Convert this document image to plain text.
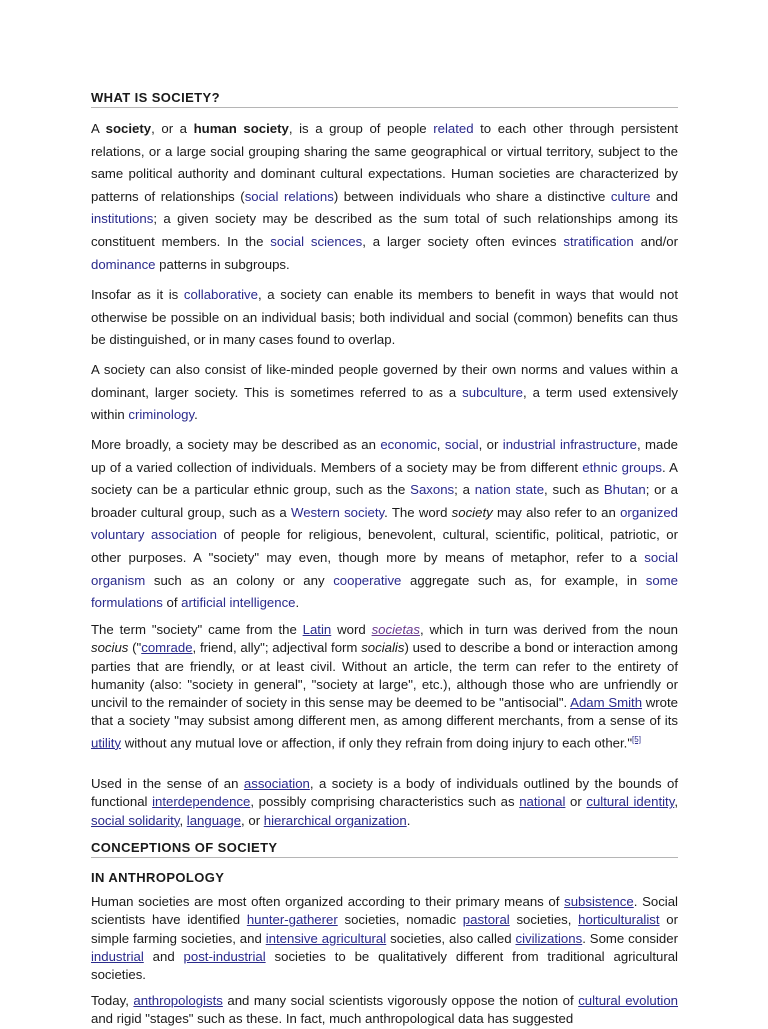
WHAT IS SOCIETY?

A society, or a human society, is a group of people related to each other through persistent relations, or a large social grouping sharing the same geographical or virtual territory, subject to the same political authority and dominant cultural expectations. Human societies are characterized by patterns of relationships (social relations) between individuals who share a distinctive culture and institutions; a given society may be described as the sum total of such relationships among its constituent members. In the social sciences, a larger society often evinces stratification and/or dominance patterns in subgroups.

Insofar as it is collaborative, a society can enable its members to benefit in ways that would not otherwise be possible on an individual basis; both individual and social (common) benefits can thus be distinguished, or in many cases found to overlap.

A society can also consist of like-minded people governed by their own norms and values within a dominant, larger society. This is sometimes referred to as a subculture, a term used extensively within criminology.

More broadly, a society may be described as an economic, social, or industrial infrastructure, made up of a varied collection of individuals. Members of a society may be from different ethnic groups. A society can be a particular ethnic group, such as the Saxons; a nation state, such as Bhutan; or a broader cultural group, such as a Western society. The word society may also refer to an organized voluntary association of people for religious, benevolent, cultural, scientific, political, patriotic, or other purposes. A "society" may even, though more by means of metaphor, refer to a social organism such as an colony or any cooperative aggregate such as, for example, in some formulations of artificial intelligence.

The term "society" came from the Latin word societas, which in turn was derived from the noun socius ("comrade, friend, ally"; adjectival form socialis) used to describe a bond or interaction among parties that are friendly, or at least civil. Without an article, the term can refer to the entirety of humanity (also: "society in general", "society at large", etc.), although those who are unfriendly or uncivil to the remainder of society in this sense may be deemed to be "antisocial". Adam Smith wrote that a society "may subsist among different men, as among different merchants, from a sense of its utility without any mutual love or affection, if only they refrain from doing injury to each other."[5]

Used in the sense of an association, a society is a body of individuals outlined by the bounds of functional interdependence, possibly comprising characteristics such as national or cultural identity, social solidarity, language, or hierarchical organization.

CONCEPTIONS OF SOCIETY
IN ANTHROPOLOGY

Human societies are most often organized according to their primary means of subsistence. Social scientists have identified hunter-gatherer societies, nomadic pastoral societies, horticulturalist or simple farming societies, and intensive agricultural societies, also called civilizations. Some consider industrial and post-industrial societies to be qualitatively different from traditional agricultural societies.

Today, anthropologists and many social scientists vigorously oppose the notion of cultural evolution and rigid "stages" such as these. In fact, much anthropological data has suggested
